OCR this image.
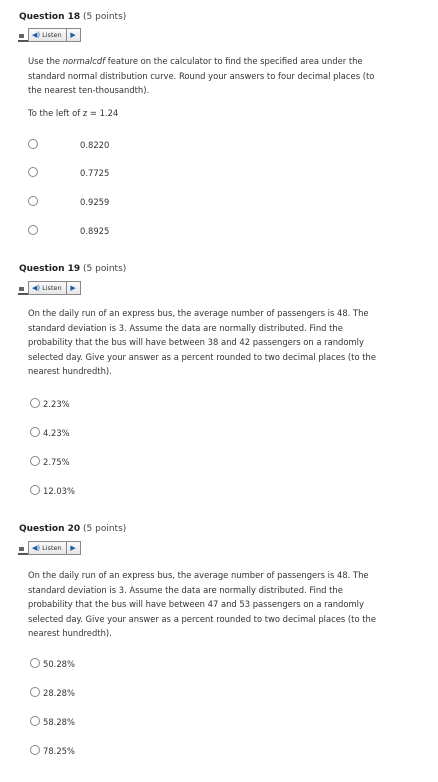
Question 18 (5 points)
◀) Listen ▶
Use the normalcdf feature on the calculator to find the specified area under the standard normal distribution curve. Round your answers to four decimal places (to the nearest ten-thousandth).
To the left of z = 1.24
0.8220
0.7725
0.9259
0.8925
Question 19 (5 points)
◀) Listen ▶
On the daily run of an express bus, the average number of passengers is 48. The standard deviation is 3. Assume the data are normally distributed. Find the probability that the bus will have between 38 and 42 passengers on a randomly selected day. Give your answer as a percent rounded to two decimal places (to the nearest hundredth).
2.23%
4.23%
2.75%
12.03%
Question 20 (5 points)
◀) Listen ▶
On the daily run of an express bus, the average number of passengers is 48. The standard deviation is 3. Assume the data are normally distributed. Find the probability that the bus will have between 47 and 53 passengers on a randomly selected day. Give your answer as a percent rounded to two decimal places (to the nearest hundredth).
50.28%
28.28%
58.28%
78.25%
